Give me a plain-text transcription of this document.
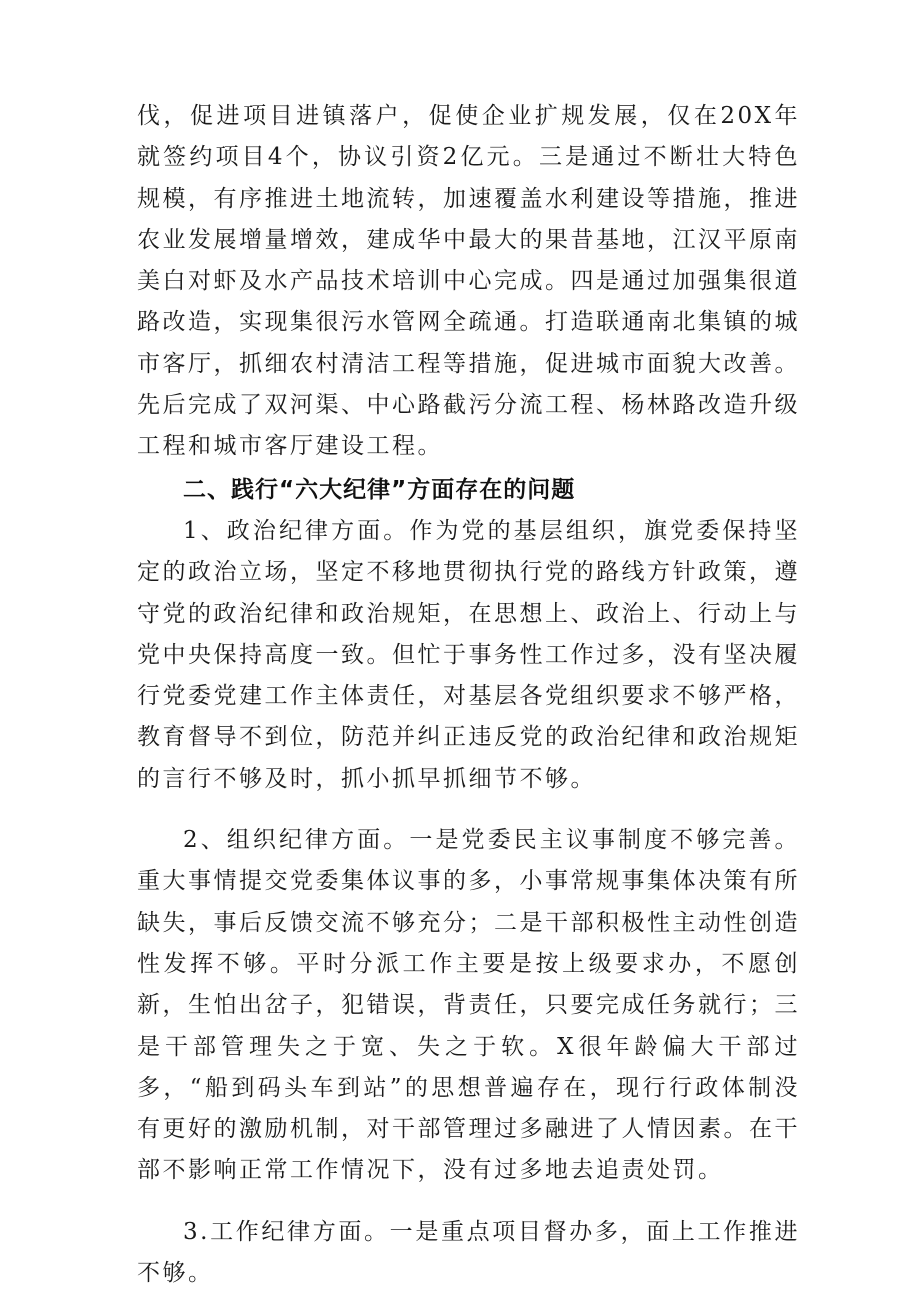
伐，促进项目进镇落户，促使企业扩规发展，仅在20X年就签约项目4个，协议引资2亿元。三是通过不断壮大特色规模，有序推进土地流转，加速覆盖水利建设等措施，推进农业发展增量增效，建成华中最大的果昔基地，江汉平原南美白对虾及水产品技术培训中心完成。四是通过加强集很道路改造，实现集很污水管网全疏通。打造联通南北集镇的城市客厅，抓细农村清洁工程等措施，促进城市面貌大改善。先后完成了双河渠、中心路截污分流工程、杨林路改造升级工程和城市客厅建设工程。

二、践行“六大纪律”方面存在的问题

1、政治纪律方面。作为党的基层组织，旗党委保持坚定的政治立场，坚定不移地贯彻执行党的路线方针政策，遵守党的政治纪律和政治规矩，在思想上、政治上、行动上与党中央保持高度一致。但忙于事务性工作过多，没有坚决履行党委党建工作主体责任，对基层各党组织要求不够严格，教育督导不到位，防范并纠正违反党的政治纪律和政治规矩的言行不够及时，抓小抓早抓细节不够。

2、组织纪律方面。一是党委民主议事制度不够完善。重大事情提交党委集体议事的多，小事常规事集体决策有所缺失，事后反馈交流不够充分；二是干部积极性主动性创造性发挥不够。平时分派工作主要是按上级要求办，不愿创新，生怕出岔子，犯错误，背责任，只要完成任务就行；三是干部管理失之于宽、失之于软。X很年龄偏大干部过多，“船到码头车到站”的思想普遍存在，现行行政体制没有更好的激励机制，对干部管理过多融进了人情因素。在干部不影响正常工作情况下，没有过多地去追责处罚。

3.工作纪律方面。一是重点项目督办多，面上工作推进不够。
